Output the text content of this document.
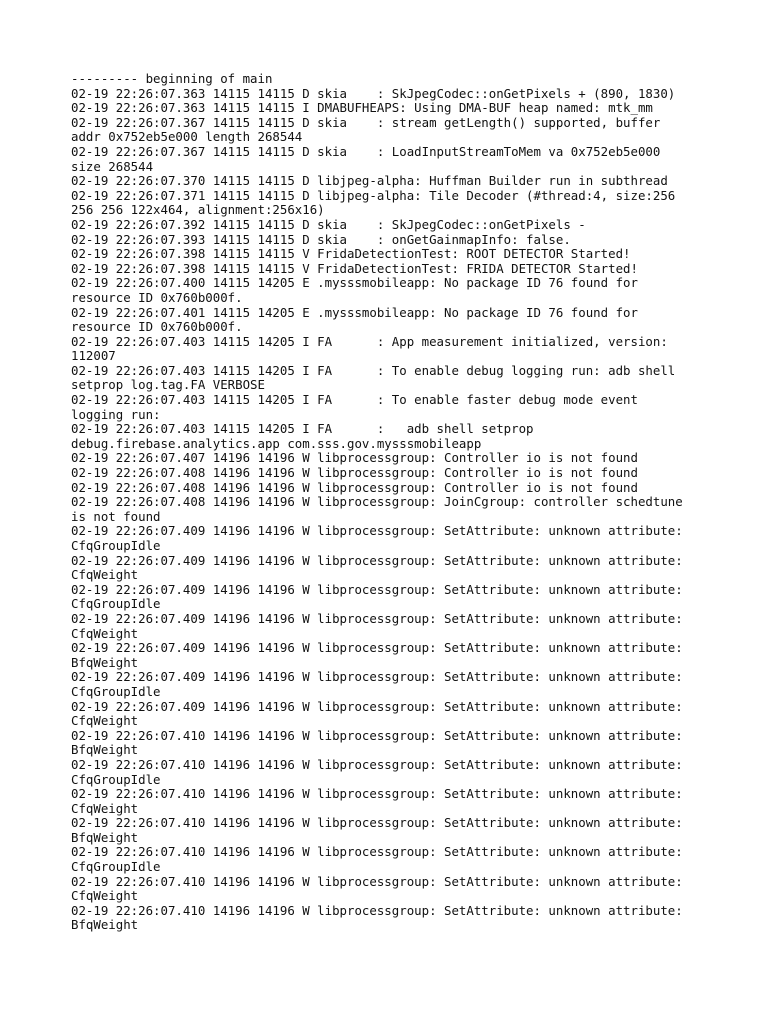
--------- beginning of main
02-19 22:26:07.363 14115 14115 D skia    : SkJpegCodec::onGetPixels + (890, 1830)
02-19 22:26:07.363 14115 14115 I DMABUFHEAPS: Using DMA-BUF heap named: mtk_mm
02-19 22:26:07.367 14115 14115 D skia    : stream getLength() supported, buffer
addr 0x752eb5e000 length 268544
02-19 22:26:07.367 14115 14115 D skia    : LoadInputStreamToMem va 0x752eb5e000
size 268544
02-19 22:26:07.370 14115 14115 D libjpeg-alpha: Huffman Builder run in subthread
02-19 22:26:07.371 14115 14115 D libjpeg-alpha: Tile Decoder (#thread:4, size:256
256 256 122x464, alignment:256x16)
02-19 22:26:07.392 14115 14115 D skia    : SkJpegCodec::onGetPixels -
02-19 22:26:07.393 14115 14115 D skia    : onGetGainmapInfo: false.
02-19 22:26:07.398 14115 14115 V FridaDetectionTest: ROOT DETECTOR Started!
02-19 22:26:07.398 14115 14115 V FridaDetectionTest: FRIDA DETECTOR Started!
02-19 22:26:07.400 14115 14205 E .mysssmobileapp: No package ID 76 found for
resource ID 0x760b000f.
02-19 22:26:07.401 14115 14205 E .mysssmobileapp: No package ID 76 found for
resource ID 0x760b000f.
02-19 22:26:07.403 14115 14205 I FA      : App measurement initialized, version:
112007
02-19 22:26:07.403 14115 14205 I FA      : To enable debug logging run: adb shell
setprop log.tag.FA VERBOSE
02-19 22:26:07.403 14115 14205 I FA      : To enable faster debug mode event
logging run:
02-19 22:26:07.403 14115 14205 I FA      :   adb shell setprop
debug.firebase.analytics.app com.sss.gov.mysssmobileapp
02-19 22:26:07.407 14196 14196 W libprocessgroup: Controller io is not found
02-19 22:26:07.408 14196 14196 W libprocessgroup: Controller io is not found
02-19 22:26:07.408 14196 14196 W libprocessgroup: Controller io is not found
02-19 22:26:07.408 14196 14196 W libprocessgroup: JoinCgroup: controller schedtune
is not found
02-19 22:26:07.409 14196 14196 W libprocessgroup: SetAttribute: unknown attribute:
CfqGroupIdle
02-19 22:26:07.409 14196 14196 W libprocessgroup: SetAttribute: unknown attribute:
CfqWeight
02-19 22:26:07.409 14196 14196 W libprocessgroup: SetAttribute: unknown attribute:
CfqGroupIdle
02-19 22:26:07.409 14196 14196 W libprocessgroup: SetAttribute: unknown attribute:
CfqWeight
02-19 22:26:07.409 14196 14196 W libprocessgroup: SetAttribute: unknown attribute:
BfqWeight
02-19 22:26:07.409 14196 14196 W libprocessgroup: SetAttribute: unknown attribute:
CfqGroupIdle
02-19 22:26:07.409 14196 14196 W libprocessgroup: SetAttribute: unknown attribute:
CfqWeight
02-19 22:26:07.410 14196 14196 W libprocessgroup: SetAttribute: unknown attribute:
BfqWeight
02-19 22:26:07.410 14196 14196 W libprocessgroup: SetAttribute: unknown attribute:
CfqGroupIdle
02-19 22:26:07.410 14196 14196 W libprocessgroup: SetAttribute: unknown attribute:
CfqWeight
02-19 22:26:07.410 14196 14196 W libprocessgroup: SetAttribute: unknown attribute:
BfqWeight
02-19 22:26:07.410 14196 14196 W libprocessgroup: SetAttribute: unknown attribute:
CfqGroupIdle
02-19 22:26:07.410 14196 14196 W libprocessgroup: SetAttribute: unknown attribute:
CfqWeight
02-19 22:26:07.410 14196 14196 W libprocessgroup: SetAttribute: unknown attribute:
BfqWeight
